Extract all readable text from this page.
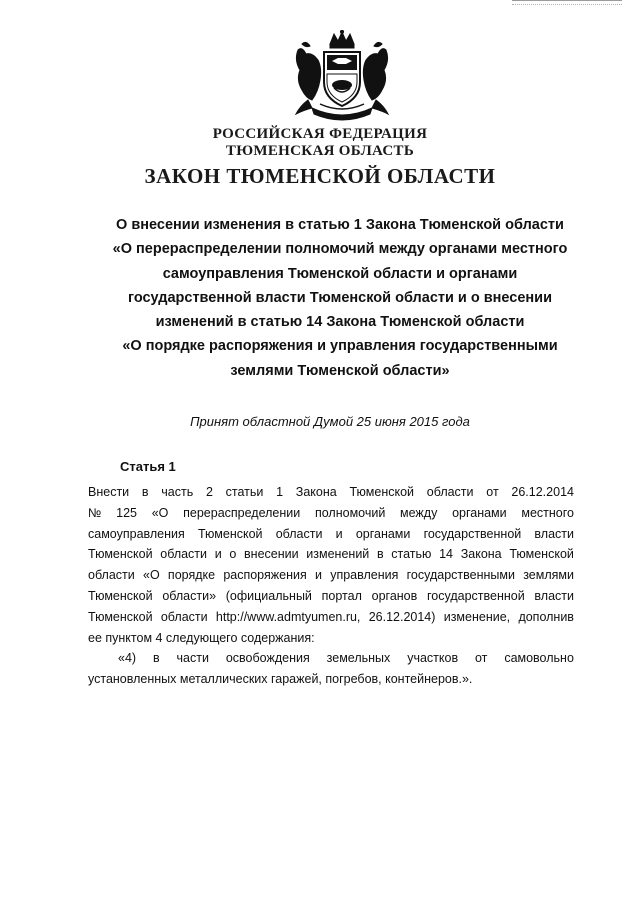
РОССИЙСКАЯ ФЕДЕРАЦИЯ
ТЮМЕНСКАЯ ОБЛАСТЬ
ЗАКОН ТЮМЕНСКОЙ ОБЛАСТИ
О внесении изменения в статью 1 Закона Тюменской области
«О перераспределении полномочий между органами местного
самоуправления Тюменской области и органами
государственной власти Тюменской области и о внесении
изменений в статью 14 Закона Тюменской области
«О порядке распоряжения и управления государственными
землями Тюменской области»
Принят областной Думой 25 июня 2015 года
Статья 1
Внести в часть 2 статьи 1 Закона Тюменской области от 26.12.2014
№ 125 «О перераспределении полномочий между органами местного
самоуправления Тюменской области и органами государственной власти
Тюменской области и о внесении изменений в статью 14 Закона Тюменской
области «О порядке распоряжения и управления государственными землями
Тюменской области» (официальный портал органов государственной власти
Тюменской области http://www.admtyumen.ru, 26.12.2014) изменение, дополнив
ее пунктом 4 следующего содержания:
«4) в части освобождения земельных участков от самовольно
установленных металлических гаражей, погребов, контейнеров.».
